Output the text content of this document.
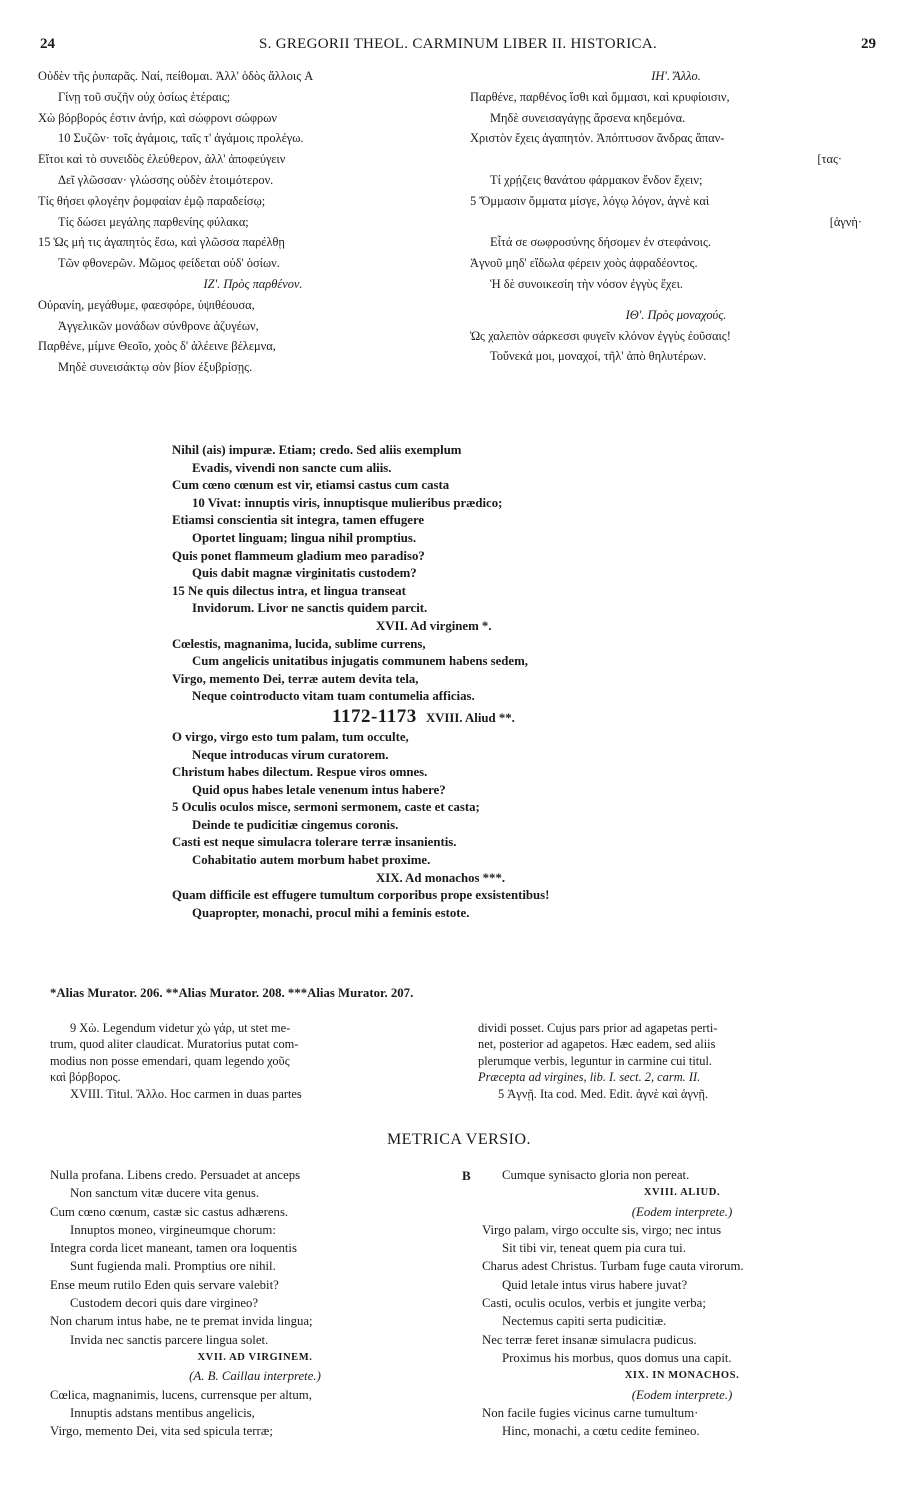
24	S. GREGORII THEOL. CARMINUM LIBER II. HISTORICA.	29
Οὐδὲν τῆς ῥυπαρᾶς. Ναί, πείθομαι. Ἀλλ' ὁδὸς ἄλλοις A
Γίνῃ τοῦ συζῆν οὐχ ὁσίως ἑτέραις;
Χὼ βόρβορός ἐστιν ἀνήρ, καὶ σώφρονι σώφρων
10 Συζῶν· τοῖς ἀγάμοις, ταῖς τ' ἀγάμοις προλέγω.
Εἴτοι καὶ τὸ συνειδὸς ἐλεύθερον, ἀλλ' ἀποφεύγειν
Δεῖ γλῶσσαν· γλώσσης οὐδὲν ἑτοιμότερον.
Τίς θήσει φλογέην ῥομφαίαν ἐμῷ παραδείσῳ;
Τίς δώσει μεγάλης παρθενίης φύλακα;
15 Ὡς μή τις ἀγαπητὸς ἔσω, καὶ γλῶσσα παρέλθῃ
Τῶν φθονερῶν. Μῶμος φείδεται οὐδ' ὁσίων.
ΙΖ'. Πρὸς παρθένον.
Οὐρανίη, μεγάθυμε, φαεσφόρε, ὑψιθέουσα,
Ἀγγελικῶν μονάδων σύνθρονε ἀζυγέων,
Παρθένε, μίμνε Θεοῖο, χοὸς δ' ἀλέεινε βέλεμνα,
Μηδὲ συνεισάκτῳ σὸν βίον ἐξυβρίσῃς.
ΙΗ'. Ἄλλο.
Παρθένε, παρθένος ἴσθι καὶ ὄμμασι, καὶ κρυφίοισιν,
Μηδὲ συνεισαγάγῃς ἄρσενα κηδεμόνα.
Χριστὸν ἔχεις ἀγαπητόν. Ἀπόπτυσον ἄνδρας ἅπαν-
[τας·
Τί χρῄζεις θανάτου φάρμακον ἔνδον ἔχειν;
5 Ὄμμασιν ὄμματα μίσγε, λόγῳ λόγον, ἁγνὲ καὶ
[ἁγνὴ·
Εἶτά σε σωφροσύνης δήσομεν ἐν στεφάνοις.
Ἁγνοῦ μηδ' εἴδωλα φέρειν χοὸς ἀφραδέοντος.
Ἡ δὲ συνοικεσίη τὴν νόσον ἐγγὺς ἔχει.
ΙΘ'. Πρὸς μοναχούς.
Ὡς χαλεπὸν σάρκεσσι φυγεῖν κλόνον ἐγγὺς ἐοῦσαις!
Τοὔνεκά μοι, μοναχοί, τῆλ' ἀπὸ θηλυτέρων.
Nihil (ais) impuræ. Etiam; credo. Sed aliis exemplum
Evadis, vivendi non sancte cum aliis.
Cum cœno cœnum est vir, etiamsi castus cum casta
10 Vivat: innuptis viris, innuptisque mulieribus prædico;
Etiamsi conscientia sit integra, tamen effugere
Oportet linguam; lingua nihil promptius.
Quis ponet flammeum gladium meo paradiso?
Quis dabit magnæ virginitatis custodem?
15 Ne quis dilectus intra, et lingua transeat
Invidorum. Livor ne sanctis quidem parcit.
XVII. Ad virginem *.
Cœlestis, magnanima, lucida, sublime currens,
Cum angelicis unitatibus injugatis communem habens sedem,
Virgo, memento Dei, terræ autem devita tela,
Neque cointroducto vitam tuam contumelia afficias.
1172-1173 XVIII. Aliud **.
O virgo, virgo esto tum palam, tum occulte,
Neque introducas virum curatorem.
Christum habes dilectum. Respue viros omnes.
Quid opus habes letale venenum intus habere?
5 Oculis oculos misce, sermoni sermonem, caste et casta;
Deinde te pudicitiæ cingemus coronis.
Casti est neque simulacra tolerare terræ insanientis.
Cohabitatio autem morbum habet proxime.
XIX. Ad monachos ***.
Quam difficile est effugere tumultum corporibus prope exsistentibus!
Quapropter, monachi, procul mihi a feminis estote.
*Alias Murator. 206. **Alias Murator. 208. ***Alias Murator. 207.
9 Χὼ. Legendum videtur χὼ γάρ, ut stet me-
trum, quod aliter claudicat. Muratorius putat com-
modius non posse emendari, quam legendo χοῦς
καὶ βόρβορος.
XVIII. Titul. Ἄλλο. Hoc carmen in duas partes
dividi posset. Cujus pars prior ad agapetas perti-
net, posterior ad agapetos. Hæc eadem, sed aliis
plerumque verbis, leguntur in carmine cui titul.
Præcepta ad virgines, lib. I. sect. 2, carm. II.
5 Ἁγνῇ. Ita cod. Med. Edit. ἁγνὲ καὶ ἁγνῇ.
METRICA VERSIO.
Nulla profana. Libens credo. Persuadet at anceps
Non sanctum vitæ ducere vita genus.
Cum cœno cœnum, castæ sic castus adhærens.
Innuptos moneo, virgineumque chorum:
Integra corda licet maneant, tamen ora loquentis
Sunt fugienda mali. Promptius ore nihil.
Ense meum rutilo Eden quis servare valebit?
Custodem decori quis dare virgineo?
Non charum intus habe, ne te premat invida lingua;
Invida nec sanctis parcere lingua solet.
XVII. AD VIRGINEM.
(A. B. Caillau interprete.)
Cœlica, magnanimis, lucens, currensque per altum,
Innuptis adstans mentibus angelicis,
Virgo, memento Dei, vita sed spicula terræ;
B	Cumque synisacto gloria non pereat.
XVIII. ALIUD.
(Eodem interprete.)
Virgo palam, virgo occulte sis, virgo; nec intus
Sit tibi vir, teneat quem pia cura tui.
Charus adest Christus. Turbam fuge cauta virorum.
Quid letale intus virus habere juvat?
Casti, oculis oculos, verbis et jungite verba;
Nectemus capiti serta pudicitiæ.
Nec terræ feret insanæ simulacra pudicus.
Proximus his morbus, quos domus una capit.
XIX. IN MONACHOS.
(Eodem interprete.)
Non facile fugies vicinus carne tumultum·
Hinc, monachi, a cœtu cedite femineo.
